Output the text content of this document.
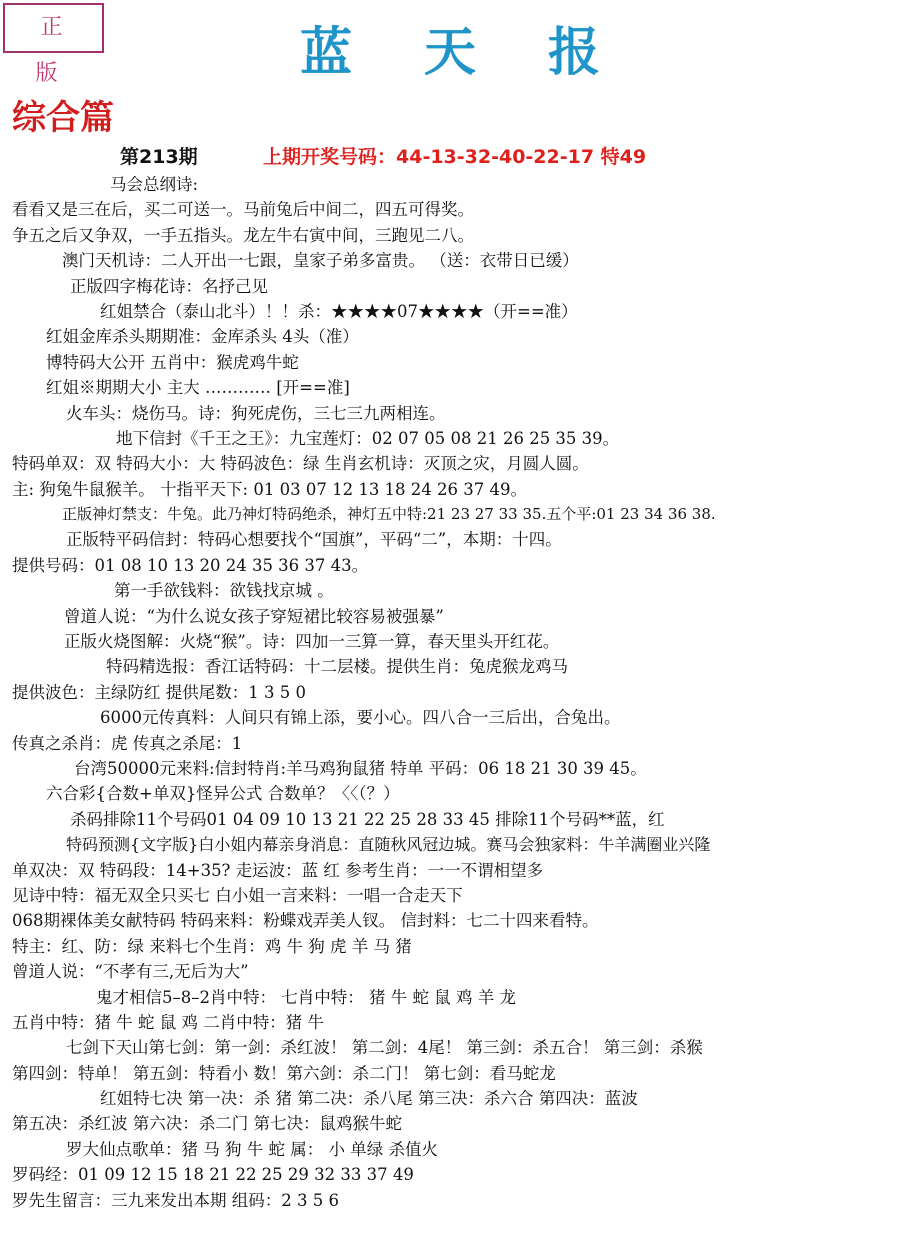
正 版	蓝天报
综合篇
第213期	上期开奖号码：44-13-32-40-22-17 特49
马会总纲诗:
看看又是三在后，买二可送一。马前兔后中间二，四五可得奖。
争五之后又争双，一手五指头。龙左牛右寅中间，三跑见二八。
澳门天机诗：二人开出一七跟，皇家子弟多富贵。 （送：衣带日已缓）
正版四字梅花诗：名抒己见
红姐禁合（泰山北斗）！！杀：★★★★07★★★★（开==准）
红姐金库杀头期期准：金库杀头 4头（准）
博特码大公开 五肖中：猴虎鸡牛蛇
红姐※期期大小 主大 ………… [开==准]
火车头：烧伤马。诗：狗死虎伤，三七三九两相连。
地下信封《千王之王》：九宝莲灯：02 07 05 08 21 26 25 35 39。
特码单双：双 特码大小：大 特码波色：绿 生肖玄机诗：灭顶之灾，月圆人圆。
主: 狗兔牛鼠猴羊。 十指平天下: 01 03 07 12 13 18 24 26 37 49。
正版神灯禁支：牛兔。此乃神灯特码绝杀，神灯五中特:21 23 27 33 35.五个平:01 23 34 36 38.
正版特平码信封：特码心想要找个“国旗”，平码“二”，本期：十四。
提供号码：01 08 10 13 20 24 35 36 37 43。
第一手欲钱料：欲钱找京城 。
曾道人说：“为什么说女孩子穿短裙比较容易被强暴”
正版火烧图解：火烧“猴”。诗：四加一三算一算，春天里头开红花。
特码精选报：香江话特码：十二层楼。提供生肖：兔虎猴龙鸡马
提供波色：主绿防红 提供尾数：1 3 5 0
6000元传真料：人间只有锦上添，要小心。四八合一三后出，合兔出。
传真之杀肖：虎 传真之杀尾：1
台湾50000元来料:信封特肖:羊马鸡狗鼠猪 特单 平码：06 18 21 30 39 45。
六合彩{合数+单双}怪异公式 合数单？〈〈（？）
杀码排除11个号码01 04 09 10 13 21 22 25 28 33 45 排除11个号码**蓝，红
特码预测{文字版}白小姐内幕亲身消息：直随秋风冠边城。赛马会独家料：牛羊满圈业兴隆
单双决：双 特码段：14+35? 走运波：蓝 红 参考生肖：一一不谓相望多
见诗中特：福无双全只买七 白小姐一言来料：一唱一合走天下
068期裸体美女献特码 特码来料：粉蝶戏弄美人钗。 信封料：七二十四来看特。
特主：红、防：绿 来料七个生肖：鸡 牛 狗 虎 羊 马 猪
曾道人说：“不孝有三,无后为大”
鬼才相信5–8–2肖中特： 七肖中特： 猪 牛 蛇 鼠 鸡 羊 龙
五肖中特：猪 牛 蛇 鼠 鸡 二肖中特：猪 牛
七剑下天山第七剑：第一剑：杀红波！ 第二剑：4尾！ 第三剑：杀五合！ 第三剑：杀猴
第四剑：特单！ 第五剑：特看小 数！第六剑：杀二门！ 第七剑：看马蛇龙
红姐特七决 第一决：杀 猪 第二决：杀八尾 第三决：杀六合 第四决：蓝波
第五决：杀红波 第六决：杀二门 第七决：鼠鸡猴牛蛇
罗大仙点歌单：猪 马 狗 牛 蛇 属： 小 单绿 杀值火
罗码经：01 09 12 15 18 21 22 25 29 32 33 37 49
罗先生留言：三九来发出本期 组码：2 3 5 6
